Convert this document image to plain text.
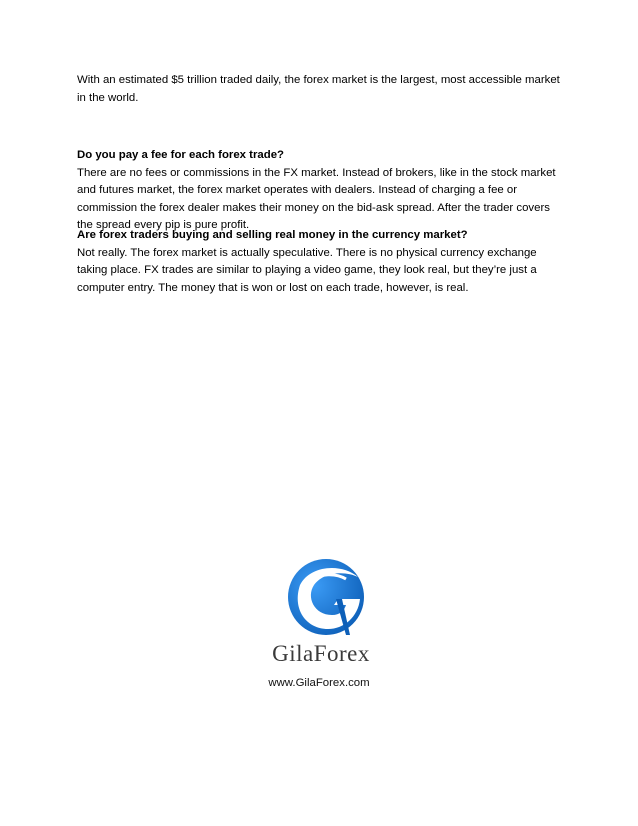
With an estimated $5 trillion traded daily, the forex market is the largest, most accessible market in the world.

Do you pay a fee for each forex trade?
There are no fees or commissions in the FX market. Instead of brokers, like in the stock market and futures market, the forex market operates with dealers. Instead of charging a fee or commission the forex dealer makes their money on the bid-ask spread. After the trader covers the spread every pip is pure profit.
Are forex traders buying and selling real money in the currency market?
Not really. The forex market is actually speculative. There is no physical currency exchange taking place. FX trades are similar to playing a video game, they look real, but they’re just a computer entry. The money that is won or lost on each trade, however, is real.
GilaForex
www.GilaForex.com
